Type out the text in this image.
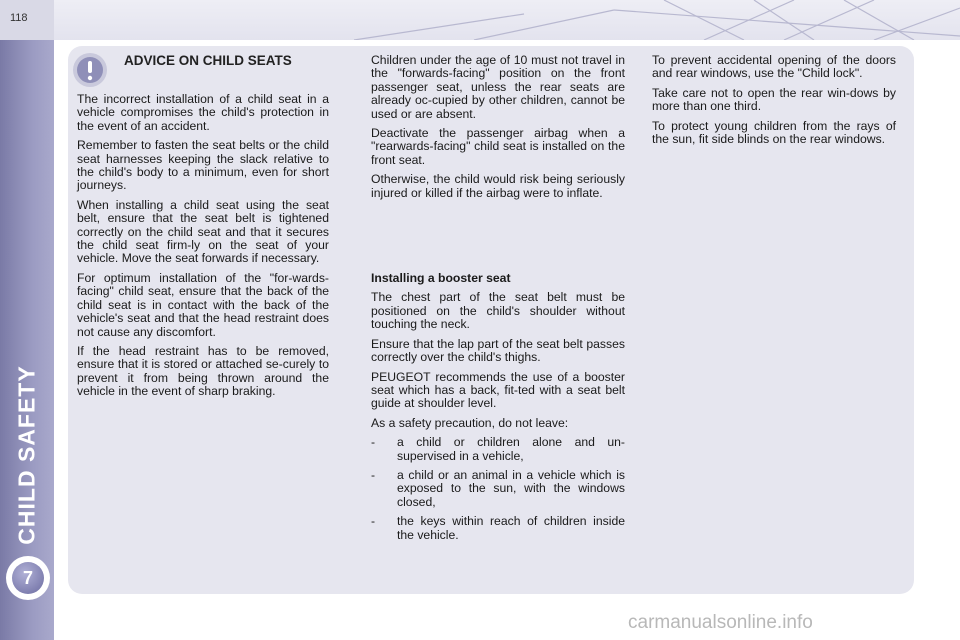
118
CHILD SAFETY
7
ADVICE ON CHILD SEATS

The incorrect installation of a child seat in a vehicle compromises the child's protection in the event of an accident.

Remember to fasten the seat belts or the child seat harnesses keeping the slack relative to the child's body to a minimum, even for short journeys.

When installing a child seat using the seat belt, ensure that the seat belt is tightened correctly on the child seat and that it secures the child seat firm-ly on the seat of your vehicle. Move the seat forwards if necessary.

For optimum installation of the "for-wards-facing" child seat, ensure that the back of the child seat is in contact with the back of the vehicle's seat and that the head restraint does not cause any discomfort.

If the head restraint has to be removed, ensure that it is stored or attached se-curely to prevent it from being thrown around the vehicle in the event of sharp braking.

Children under the age of 10 must not travel in the "forwards-facing" position on the front passenger seat, unless the rear seats are already oc-cupied by other children, cannot be used or are absent.

Deactivate the passenger airbag when a "rearwards-facing" child seat is installed on the front seat.

Otherwise, the child would risk being seriously injured or killed if the airbag were to inflate.

Installing a booster seat

The chest part of the seat belt must be positioned on the child's shoulder without touching the neck.

Ensure that the lap part of the seat belt passes correctly over the child's thighs.

PEUGEOT recommends the use of a booster seat which has a back, fit-ted with a seat belt guide at shoulder level.

As a safety precaution, do not leave:

- a child or children alone and un-supervised in a vehicle,
- a child or an animal in a vehicle which is exposed to the sun, with the windows closed,
- the keys within reach of children inside the vehicle.

To prevent accidental opening of the doors and rear windows, use the "Child lock".

Take care not to open the rear win-dows by more than one third.

To protect young children from the rays of the sun, fit side blinds on the rear windows.

carmanualsonline.info
